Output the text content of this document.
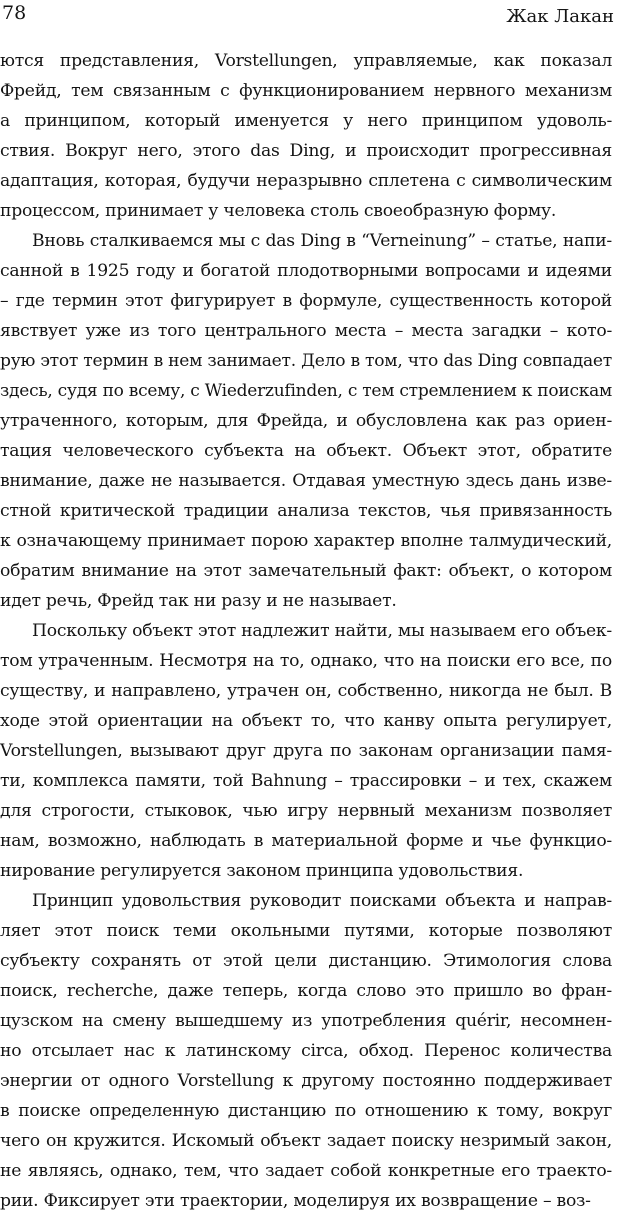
78	Жак Лакан
ются представления, Vorstellungen, управляемые, как показал
Фрейд, тем связанным с функционированием нервного механизм
а принципом, который именуется у него принципом удоволь-
ствия. Вокруг него, этого das Ding, и происходит прогрессивная
адаптация, которая, будучи неразрывно сплетена с символическим
процессом, принимает у человека столь своеобразную форму.
Вновь сталкиваемся мы с das Ding в “Verneinung” – статье, напи-
санной в 1925 году и богатой плодотворными вопросами и идеями
– где термин этот фигурирует в формуле, существенность которой
явствует уже из того центрального места – места загадки – кото-
рую этот термин в нем занимает. Дело в том, что das Ding совпадает
здесь, судя по всему, с Wiederzufinden, с тем стремлением к поискам
утраченного, которым, для Фрейда, и обусловлена как раз ориен-
тация человеческого субъекта на объект. Объект этот, обратите
внимание, даже не называется. Отдавая уместную здесь дань изве-
стной критической традиции анализа текстов, чья привязанность
к означающему принимает порою характер вполне талмудический,
обратим внимание на этот замечательный факт: объект, о котором
идет речь, Фрейд так ни разу и не называет.
Поскольку объект этот надлежит найти, мы называем его объек-
том утраченным. Несмотря на то, однако, что на поиски его все, по
существу, и направлено, утрачен он, собственно, никогда не был. В
ходе этой ориентации на объект то, что канву опыта регулирует,
Vorstellungen, вызывают друг друга по законам организации памя-
ти, комплекса памяти, той Bahnung – трассировки – и тех, скажем
для строгости, стыковок, чью игру нервный механизм позволяет
нам, возможно, наблюдать в материальной форме и чье функцио-
нирование регулируется законом принципа удовольствия.
Принцип удовольствия руководит поисками объекта и направ-
ляет этот поиск теми окольными путями, которые позволяют
субъекту сохранять от этой цели дистанцию. Этимология слова
поиск, recherche, даже теперь, когда слово это пришло во фран-
цузском на смену вышедшему из употребления quérir, несомнен-
но отсылает нас к латинскому circa, обход. Перенос количества
энергии от одного Vorstellung к другому постоянно поддерживает
в поиске определенную дистанцию по отношению к тому, вокруг
чего он кружится. Искомый объект задает поиску незримый закон,
не являясь, однако, тем, что задает собой конкретные его траекто-
рии. Фиксирует эти траектории, моделируя их возвращение – воз-
